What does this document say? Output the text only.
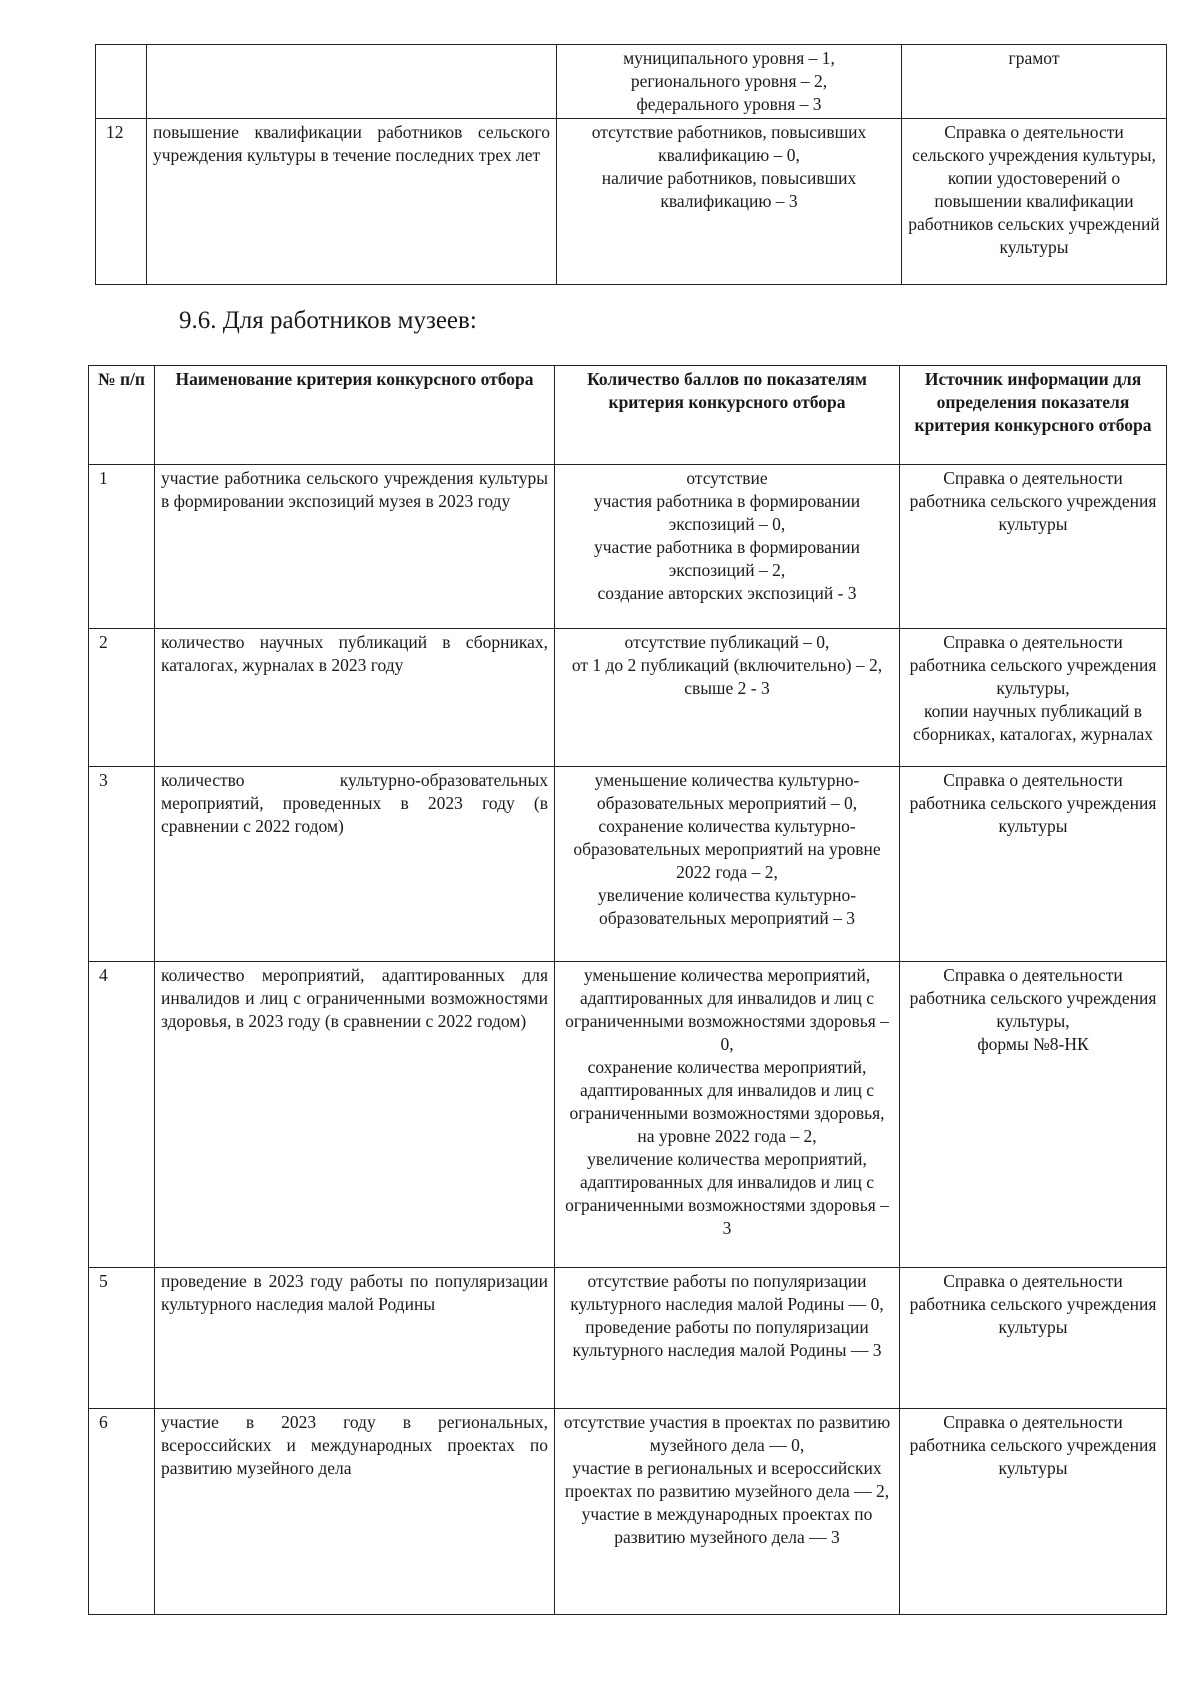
		муниципального уровня – 1,
регионального уровня – 2,
федерального уровня – 3	грамот
12	повышение квалификации работников сельского учреждения культуры в течение последних трех лет	отсутствие работников, повысивших квалификацию – 0,
наличие работников, повысивших квалификацию – 3	Справка о деятельности сельского учреждения культуры,
копии удостоверений о повышении квалификации работников сельских учреждений культуры
9.6. Для работников музеев:
№ п/п	Наименование критерия конкурсного отбора	Количество баллов по показателям критерия конкурсного отбора	Источник информации для определения показателя критерия конкурсного отбора
1	участие работника сельского учреждения культуры в формировании экспозиций музея в 2023 году	отсутствие
участия работника в формировании экспозиций – 0,
участие работника в формировании экспозиций – 2,
создание авторских экспозиций - 3	Справка о деятельности работника сельского учреждения культуры
2	количество научных публикаций в сборниках, каталогах, журналах в 2023 году	отсутствие публикаций – 0,
от 1 до 2 публикаций (включительно) – 2,
свыше 2 - 3	Справка о деятельности работника сельского учреждения культуры,
копии научных публикаций в сборниках, каталогах, журналах
3	количество культурно-образовательных мероприятий, проведенных в 2023 году (в сравнении с 2022 годом)	уменьшение количества культурно-образовательных мероприятий – 0,
сохранение количества культурно-образовательных мероприятий на уровне 2022 года – 2,
увеличение количества культурно-образовательных мероприятий – 3	Справка о деятельности работника сельского учреждения культуры
4	количество мероприятий, адаптированных для инвалидов и лиц с ограниченными возможностями здоровья, в 2023 году (в сравнении с 2022 годом)	уменьшение количества мероприятий, адаптированных для инвалидов и лиц с ограниченными возможностями здоровья – 0,
сохранение количества мероприятий, адаптированных для инвалидов и лиц с ограниченными возможностями здоровья, на уровне 2022 года – 2,
увеличение количества мероприятий, адаптированных для инвалидов и лиц с ограниченными возможностями здоровья – 3	Справка о деятельности работника сельского учреждения культуры,
формы №8-НК
5	проведение в 2023 году работы по популяризации культурного наследия малой Родины	отсутствие работы по популяризации культурного наследия малой Родины — 0,
проведение работы по популяризации культурного наследия малой Родины — 3	Справка о деятельности работника сельского учреждения культуры
6	участие в 2023 году в региональных, всероссийских и международных проектах по развитию музейного дела	отсутствие участия в проектах по развитию музейного дела — 0,
участие в региональных и всероссийских проектах по развитию музейного дела — 2,
участие в международных проектах по развитию музейного дела — 3	Справка о деятельности работника сельского учреждения культуры
